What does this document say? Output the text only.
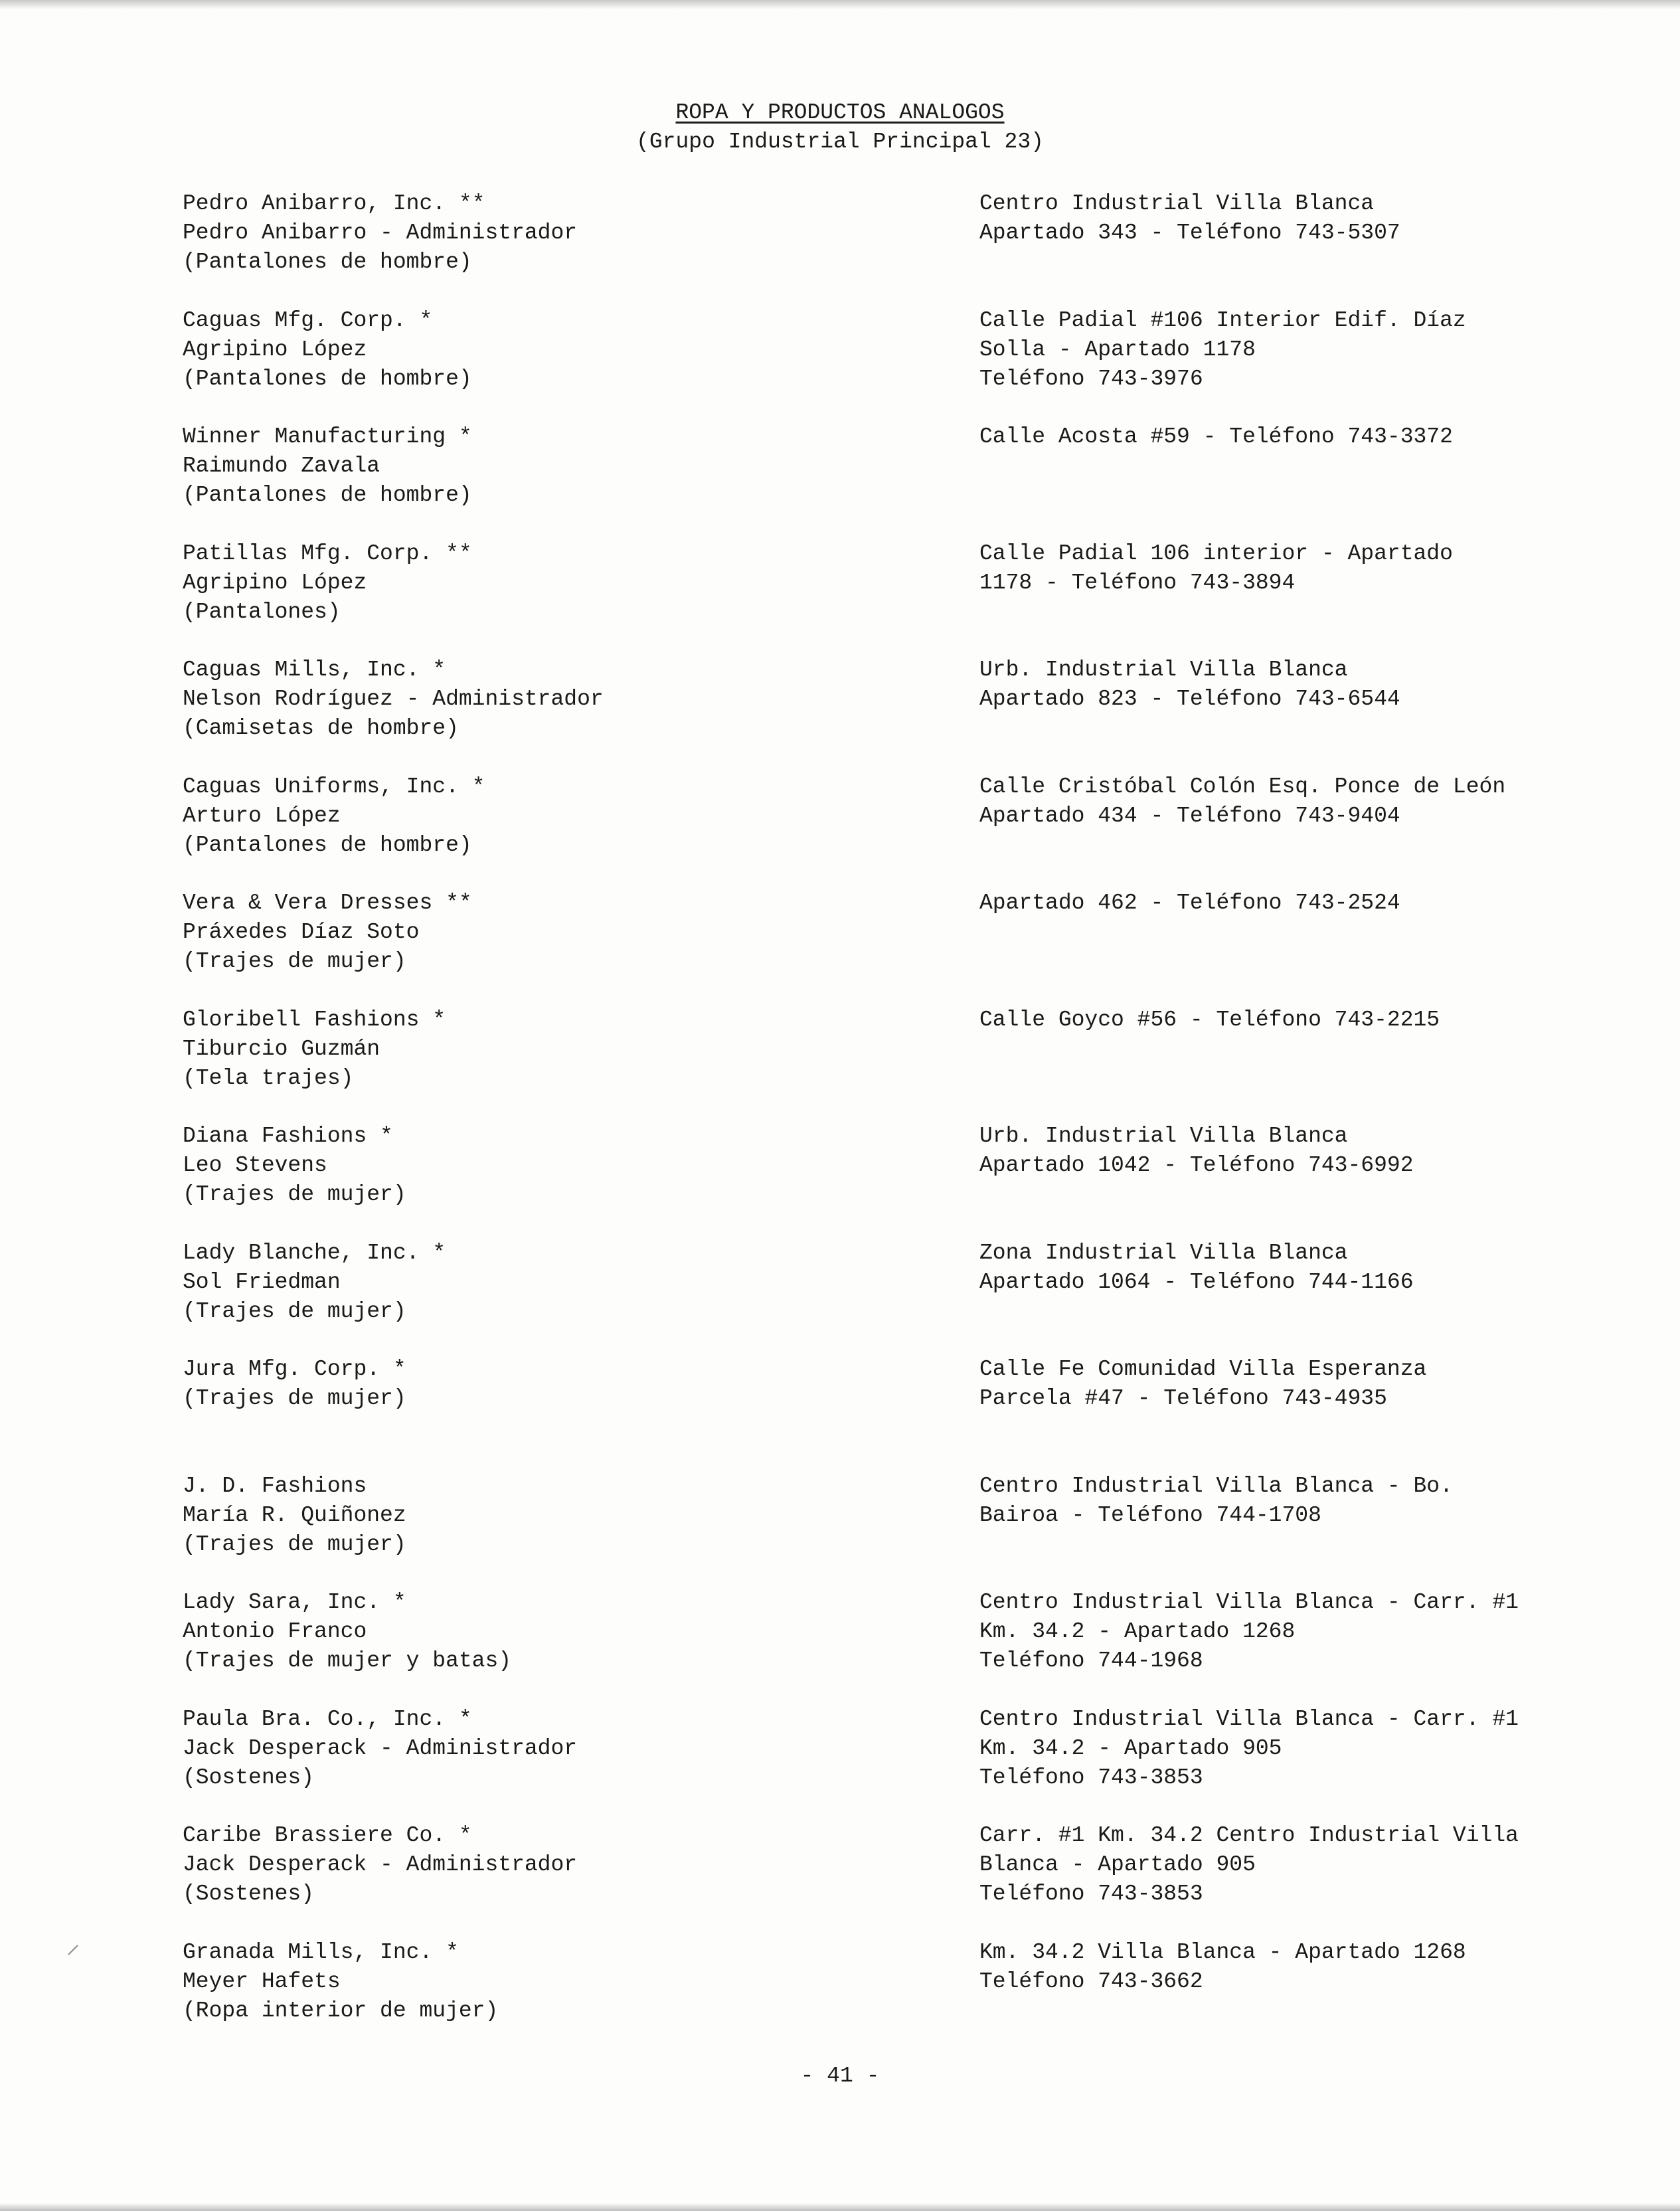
ROPA Y PRODUCTOS ANALOGOS
(Grupo Industrial Principal 23)
Pedro Anibarro, Inc. **
Pedro Anibarro - Administrador
(Pantalones de hombre)
Centro Industrial Villa Blanca
Apartado 343 - Teléfono 743-5307
Caguas Mfg. Corp. *
Agripino López
(Pantalones de hombre)
Calle Padial #106 Interior Edif. Díaz
Solla - Apartado 1178
Teléfono 743-3976
Winner Manufacturing *
Raimundo Zavala
(Pantalones de hombre)
Calle Acosta #59 - Teléfono 743-3372
Patillas Mfg. Corp. **
Agripino López
(Pantalones)
Calle Padial 106 interior - Apartado
1178 - Teléfono 743-3894
Caguas Mills, Inc. *
Nelson Rodríguez - Administrador
(Camisetas de hombre)
Urb. Industrial Villa Blanca
Apartado 823 - Teléfono 743-6544
Caguas Uniforms, Inc. *
Arturo López
(Pantalones de hombre)
Calle Cristóbal Colón Esq. Ponce de León
Apartado 434 - Teléfono 743-9404
Vera & Vera Dresses **
Práxedes Díaz Soto
(Trajes de mujer)
Apartado 462 - Teléfono 743-2524
Gloribell Fashions *
Tiburcio Guzmán
(Tela trajes)
Calle Goyco #56 - Teléfono 743-2215
Diana Fashions *
Leo Stevens
(Trajes de mujer)
Urb. Industrial Villa Blanca
Apartado 1042 - Teléfono 743-6992
Lady Blanche, Inc. *
Sol Friedman
(Trajes de mujer)
Zona Industrial Villa Blanca
Apartado 1064 - Teléfono 744-1166
Jura Mfg. Corp. *
(Trajes de mujer)
Calle Fe Comunidad Villa Esperanza
Parcela #47 - Teléfono 743-4935
J. D. Fashions
María R. Quiñonez
(Trajes de mujer)
Centro Industrial Villa Blanca - Bo.
Bairoa - Teléfono 744-1708
Lady Sara, Inc. *
Antonio Franco
(Trajes de mujer y batas)
Centro Industrial Villa Blanca - Carr. #1
Km. 34.2 - Apartado 1268
Teléfono 744-1968
Paula Bra. Co., Inc. *
Jack Desperack - Administrador
(Sostenes)
Centro Industrial Villa Blanca - Carr. #1
Km. 34.2 - Apartado 905
Teléfono 743-3853
Caribe Brassiere Co. *
Jack Desperack - Administrador
(Sostenes)
Carr. #1 Km. 34.2 Centro Industrial Villa
Blanca - Apartado 905
Teléfono 743-3853
Granada Mills, Inc. *
Meyer Hafets
(Ropa interior de mujer)
Km. 34.2 Villa Blanca - Apartado 1268
Teléfono 743-3662
- 41 -
